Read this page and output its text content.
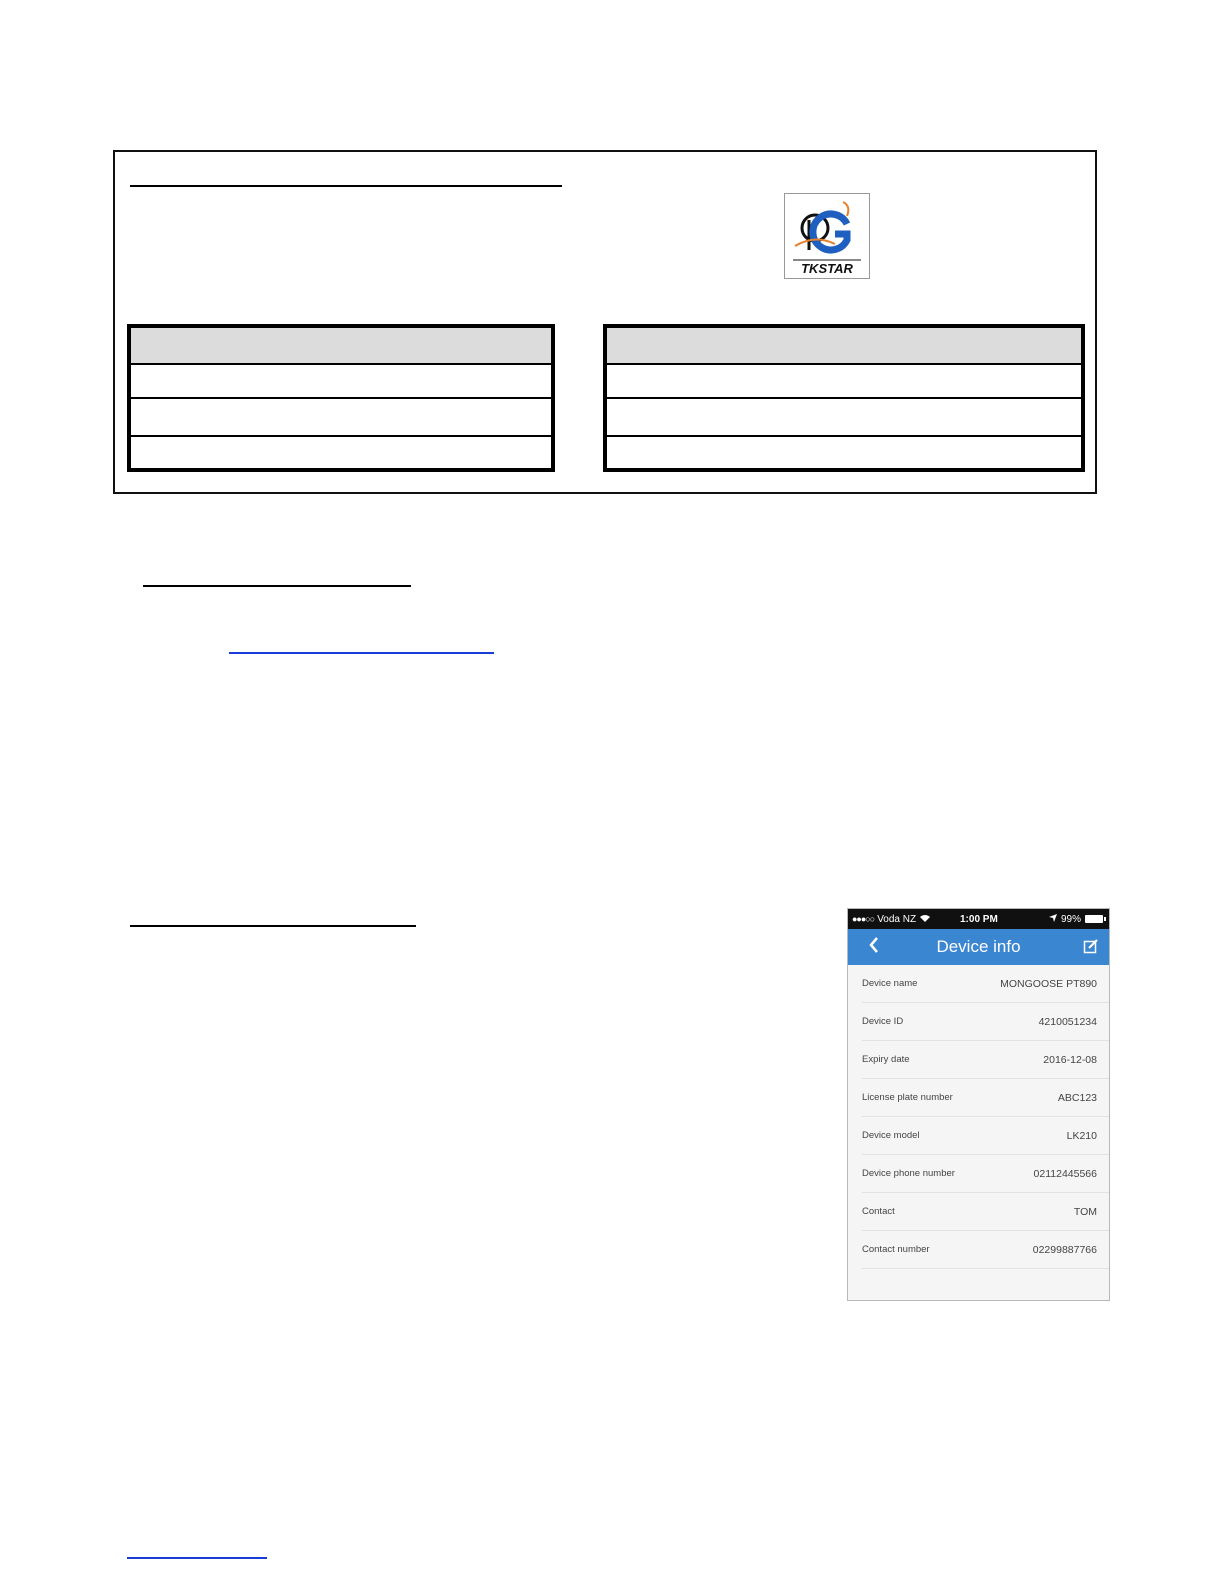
TKSTAR
●●●○○ Voda NZ	1:00 PM	99%
Device info
Device name	MONGOOSE PT890
Device ID	4210051234
Expiry date	2016-12-08
License plate number	ABC123
Device model	LK210
Device phone number	02112445566
Contact	TOM
Contact number	02299887766
